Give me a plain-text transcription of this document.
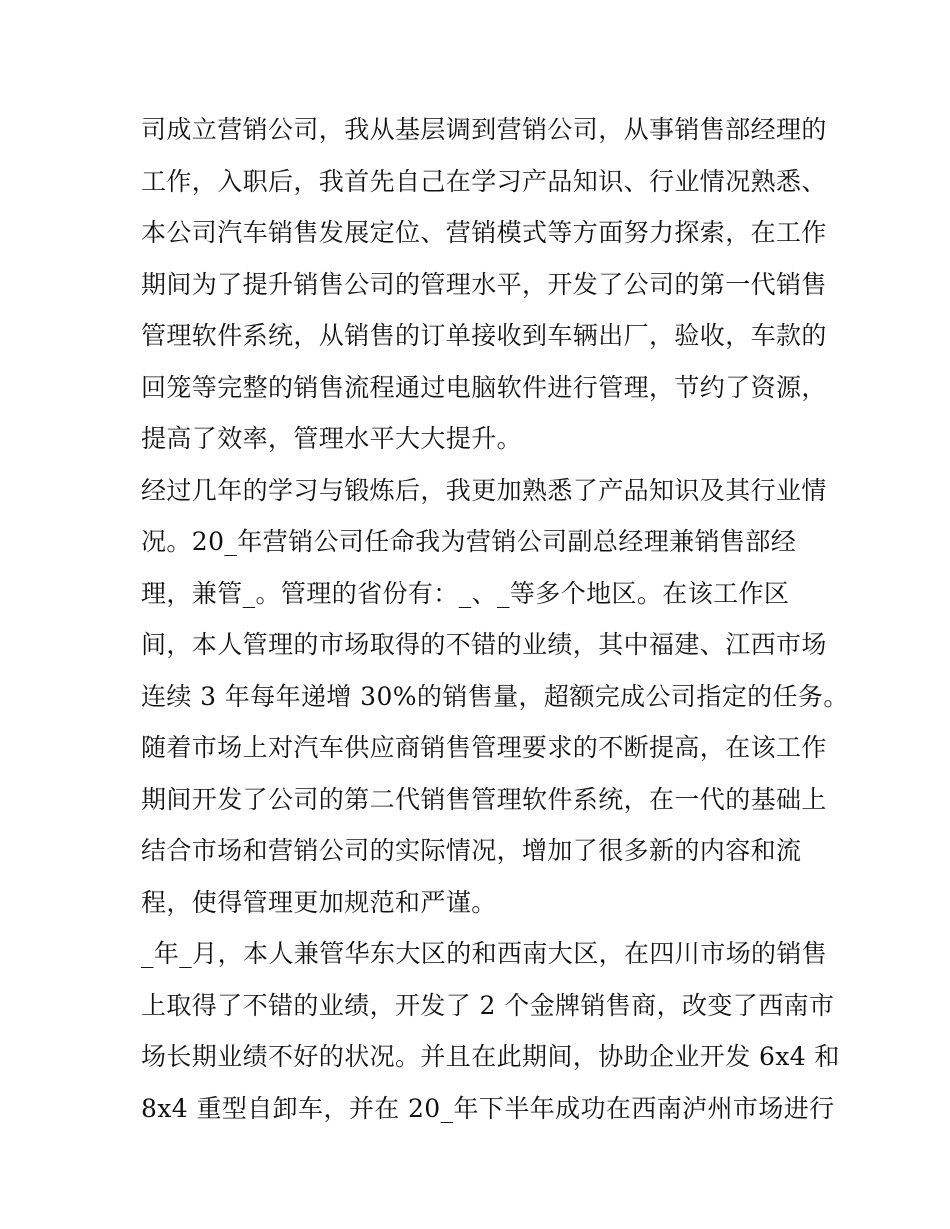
司成立营销公司，我从基层调到营销公司，从事销售部经理的
工作，入职后，我首先自己在学习产品知识、行业情况熟悉、
本公司汽车销售发展定位、营销模式等方面努力探索，在工作
期间为了提升销售公司的管理水平，开发了公司的第一代销售
管理软件系统，从销售的订单接收到车辆出厂，验收，车款的
回笼等完整的销售流程通过电脑软件进行管理，节约了资源，
提高了效率，管理水平大大提升。
经过几年的学习与锻炼后，我更加熟悉了产品知识及其行业情
况。20_年营销公司任命我为营销公司副总经理兼销售部经
理，兼管_。管理的省份有：_、_等多个地区。在该工作区
间，本人管理的市场取得的不错的业绩，其中福建、江西市场
连续 3 年每年递增 30%的销售量，超额完成公司指定的任务。
随着市场上对汽车供应商销售管理要求的不断提高，在该工作
期间开发了公司的第二代销售管理软件系统，在一代的基础上
结合市场和营销公司的实际情况，增加了很多新的内容和流
程，使得管理更加规范和严谨。
_年_月，本人兼管华东大区的和西南大区，在四川市场的销售
上取得了不错的业绩，开发了 2 个金牌销售商，改变了西南市
场长期业绩不好的状况。并且在此期间，协助企业开发 6x4 和
8x4 重型自卸车，并在 20_年下半年成功在西南泸州市场进行
